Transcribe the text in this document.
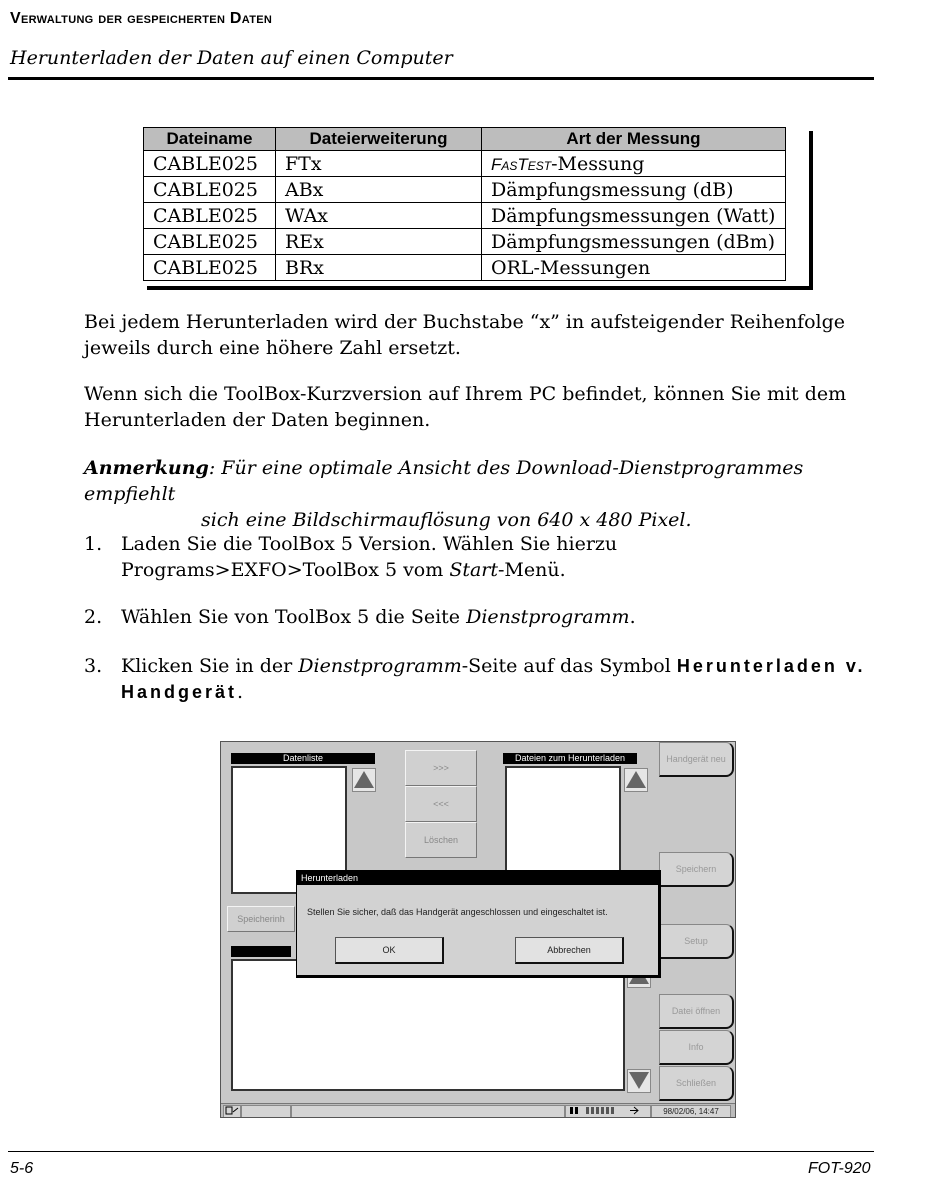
Verwaltung der gespeicherten Daten
Herunterladen der Daten auf einen Computer
Dateiname	Dateierweiterung	Art der Messung
CABLE025	FTx	FasTest-Messung
CABLE025	ABx	Dämpfungsmessung (dB)
CABLE025	WAx	Dämpfungsmessungen (Watt)
CABLE025	REx	Dämpfungsmessungen (dBm)
CABLE025	BRx	ORL-Messungen
Bei jedem Herunterladen wird der Buchstabe “x” in aufsteigender Reihenfolge jeweils durch eine höhere Zahl ersetzt.
Wenn sich die ToolBox-Kurzversion auf Ihrem PC befindet, können Sie mit dem Herunterladen der Daten beginnen.
Anmerkung: Für eine optimale Ansicht des Download-Dienstprogrammes empfiehlt
sich eine Bildschirmauflösung von 640 x 480 Pixel.
1. Laden Sie die ToolBox 5 Version. Wählen Sie hierzu Programs>EXFO>ToolBox 5 vom Start-Menü.
2. Wählen Sie von ToolBox 5 die Seite Dienstprogramm.
3. Klicken Sie in der Dienstprogramm-Seite auf das Symbol Herunterladen v. Handgerät.
Datenliste
>>>
<<<
Löschen
Dateien zum Herunterladen
Speicherinh
Handgerät neu
Speichern
Setup
Datei öffnen
Info
Schließen
Herunterladen
Stellen Sie sicher, daß das Handgerät angeschlossen und eingeschaltet ist.
OK	Abbrechen
98/02/06, 14:47
5-6	FOT-920
